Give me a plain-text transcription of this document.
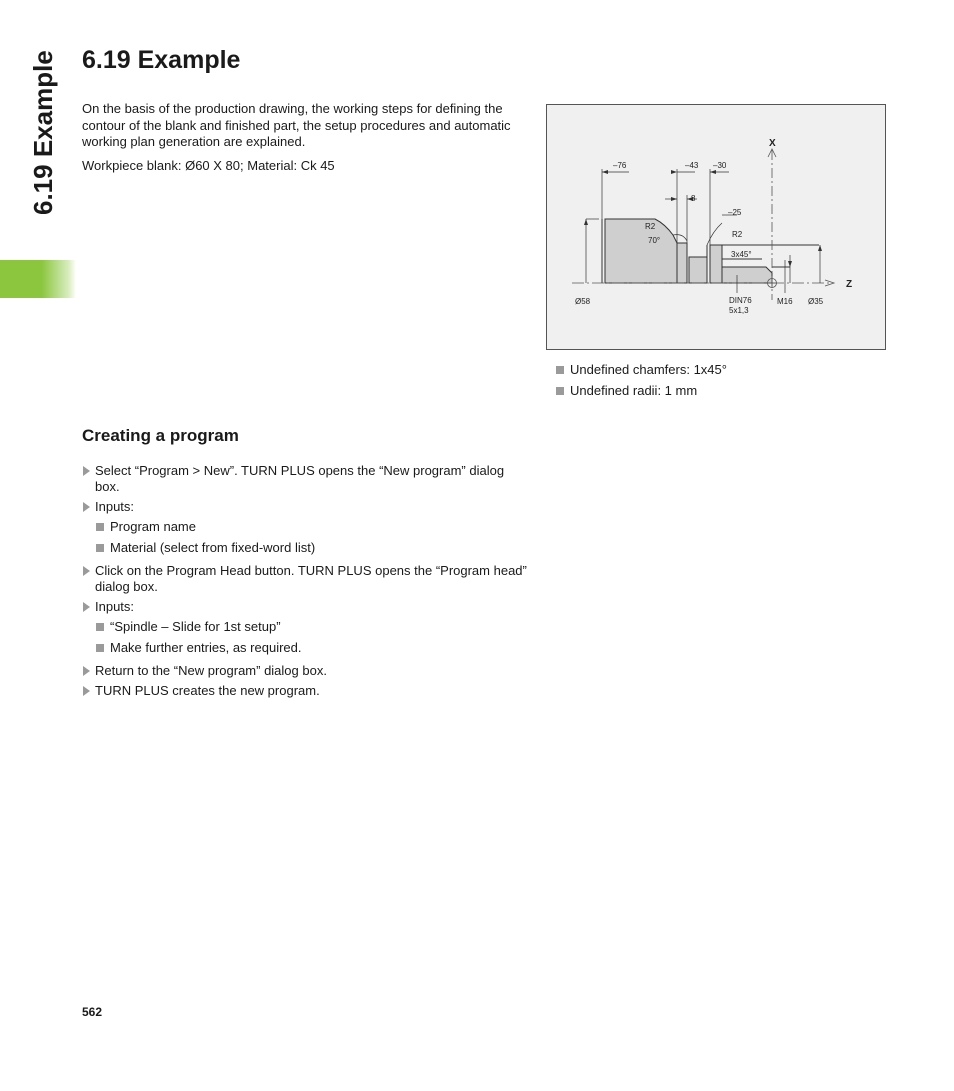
6.19 Example 6.19 Example

On the basis of the production drawing, the working steps for defining the contour of the blank and finished part, the setup procedures and automatic working plan generation are explained.

Workpiece blank: Ø60 X 80; Material: Ck 45

X
Z
–76	–43 –30
8
–25
R2
70°
R2
3x45°
Ø58	DIN76
5x1,3
M16 Ø35
Undefined chamfers: 1x45°
Undefined radii: 1 mm
Creating a program
Select “Program > New”. TURN PLUS opens the “New program” dialog box.
Inputs:
Program name
Material (select from fixed-word list)
Click on the Program Head button. TURN PLUS opens the “Program head” dialog box.
Inputs:
“Spindle – Slide for 1st setup”
Make further entries, as required.
Return to the “New program” dialog box.
TURN PLUS creates the new program.
562
